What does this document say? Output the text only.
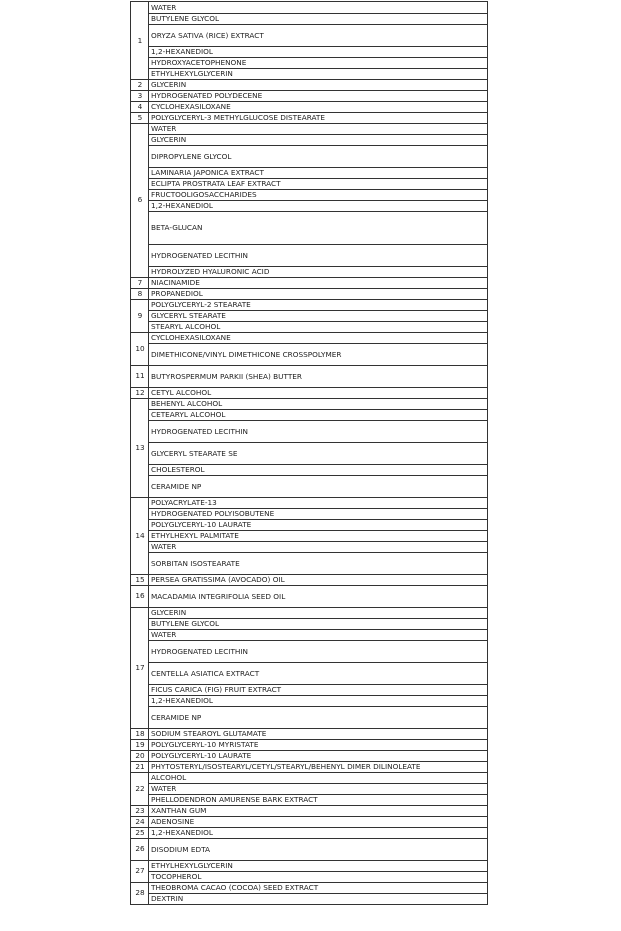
WATER
BUTYLENE GLYCOL
ORYZA SATIVA (RICE) EXTRACT
1,2-HEXANEDIOL
HYDROXYACETOPHENONE
ETHYLHEXYLGLYCERIN
1
GLYCERIN
2
HYDROGENATED POLYDECENE
3
CYCLOHEXASILOXANE
4
POLYGLYCERYL-3 METHYLGLUCOSE DISTEARATE
5
WATER
GLYCERIN
DIPROPYLENE GLYCOL
LAMINARIA JAPONICA EXTRACT
ECLIPTA PROSTRATA LEAF EXTRACT
FRUCTOOLIGOSACCHARIDES
1,2-HEXANEDIOL
BETA-GLUCAN
HYDROGENATED LECITHIN
HYDROLYZED HYALURONIC ACID
6
NIACINAMIDE
7
PROPANEDIOL
8
POLYGLYCERYL-2 STEARATE
GLYCERYL STEARATE
STEARYL ALCOHOL
9
CYCLOHEXASILOXANE
DIMETHICONE/VINYL DIMETHICONE CROSSPOLYMER
10
BUTYROSPERMUM PARKII (SHEA) BUTTER
11
CETYL ALCOHOL
12
BEHENYL ALCOHOL
CETEARYL ALCOHOL
HYDROGENATED LECITHIN
GLYCERYL STEARATE SE
CHOLESTEROL
CERAMIDE NP
13
POLYACRYLATE-13
HYDROGENATED POLYISOBUTENE
POLYGLYCERYL-10 LAURATE
ETHYLHEXYL PALMITATE
WATER
SORBITAN ISOSTEARATE
14
PERSEA GRATISSIMA (AVOCADO) OIL
15
MACADAMIA INTEGRIFOLIA SEED OIL
16
GLYCERIN
BUTYLENE GLYCOL
WATER
HYDROGENATED LECITHIN
CENTELLA ASIATICA EXTRACT
FICUS CARICA (FIG) FRUIT EXTRACT
1,2-HEXANEDIOL
CERAMIDE NP
17
SODIUM STEAROYL GLUTAMATE
18
POLYGLYCERYL-10 MYRISTATE
19
POLYGLYCERYL-10 LAURATE
20
PHYTOSTERYL/ISOSTEARYL/CETYL/STEARYL/BEHENYL DIMER DILINOLEATE
21
ALCOHOL
WATER
PHELLODENDRON AMURENSE BARK EXTRACT
22
XANTHAN GUM
23
ADENOSINE
24
1,2-HEXANEDIOL
25
DISODIUM EDTA
26
ETHYLHEXYLGLYCERIN
TOCOPHEROL
27
THEOBROMA CACAO (COCOA) SEED EXTRACT
DEXTRIN
28
